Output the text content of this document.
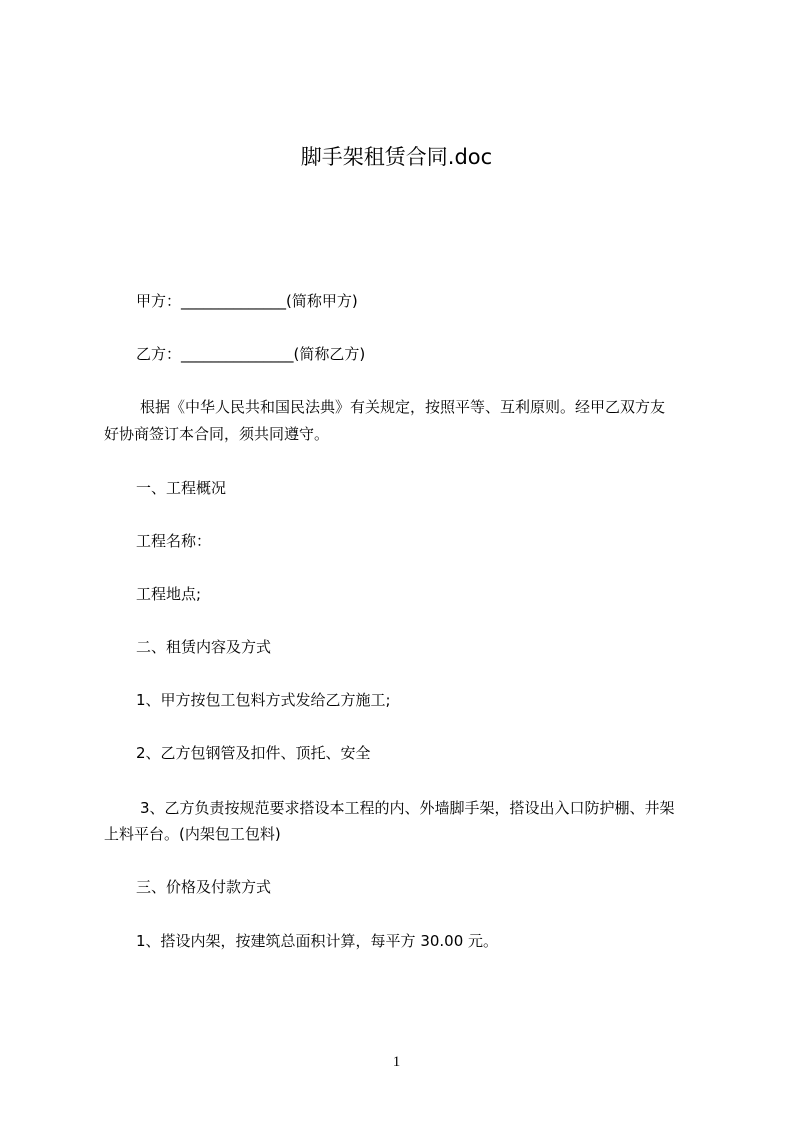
脚手架租赁合同.doc
甲方：______________(简称甲方)
乙方：_______________(简称乙方)
根据《中华人民共和国民法典》有关规定，按照平等、互利原则。经甲乙双方友
好协商签订本合同，须共同遵守。
一、工程概况
工程名称：
工程地点;
二、租赁内容及方式
1、甲方按包工包料方式发给乙方施工;
2、乙方包钢管及扣件、顶托、安全
3、乙方负责按规范要求搭设本工程的内、外墙脚手架，搭设出入口防护棚、井架
上料平台。(内架包工包料)
三、价格及付款方式
1、搭设内架，按建筑总面积计算，每平方 30.00 元。
1
